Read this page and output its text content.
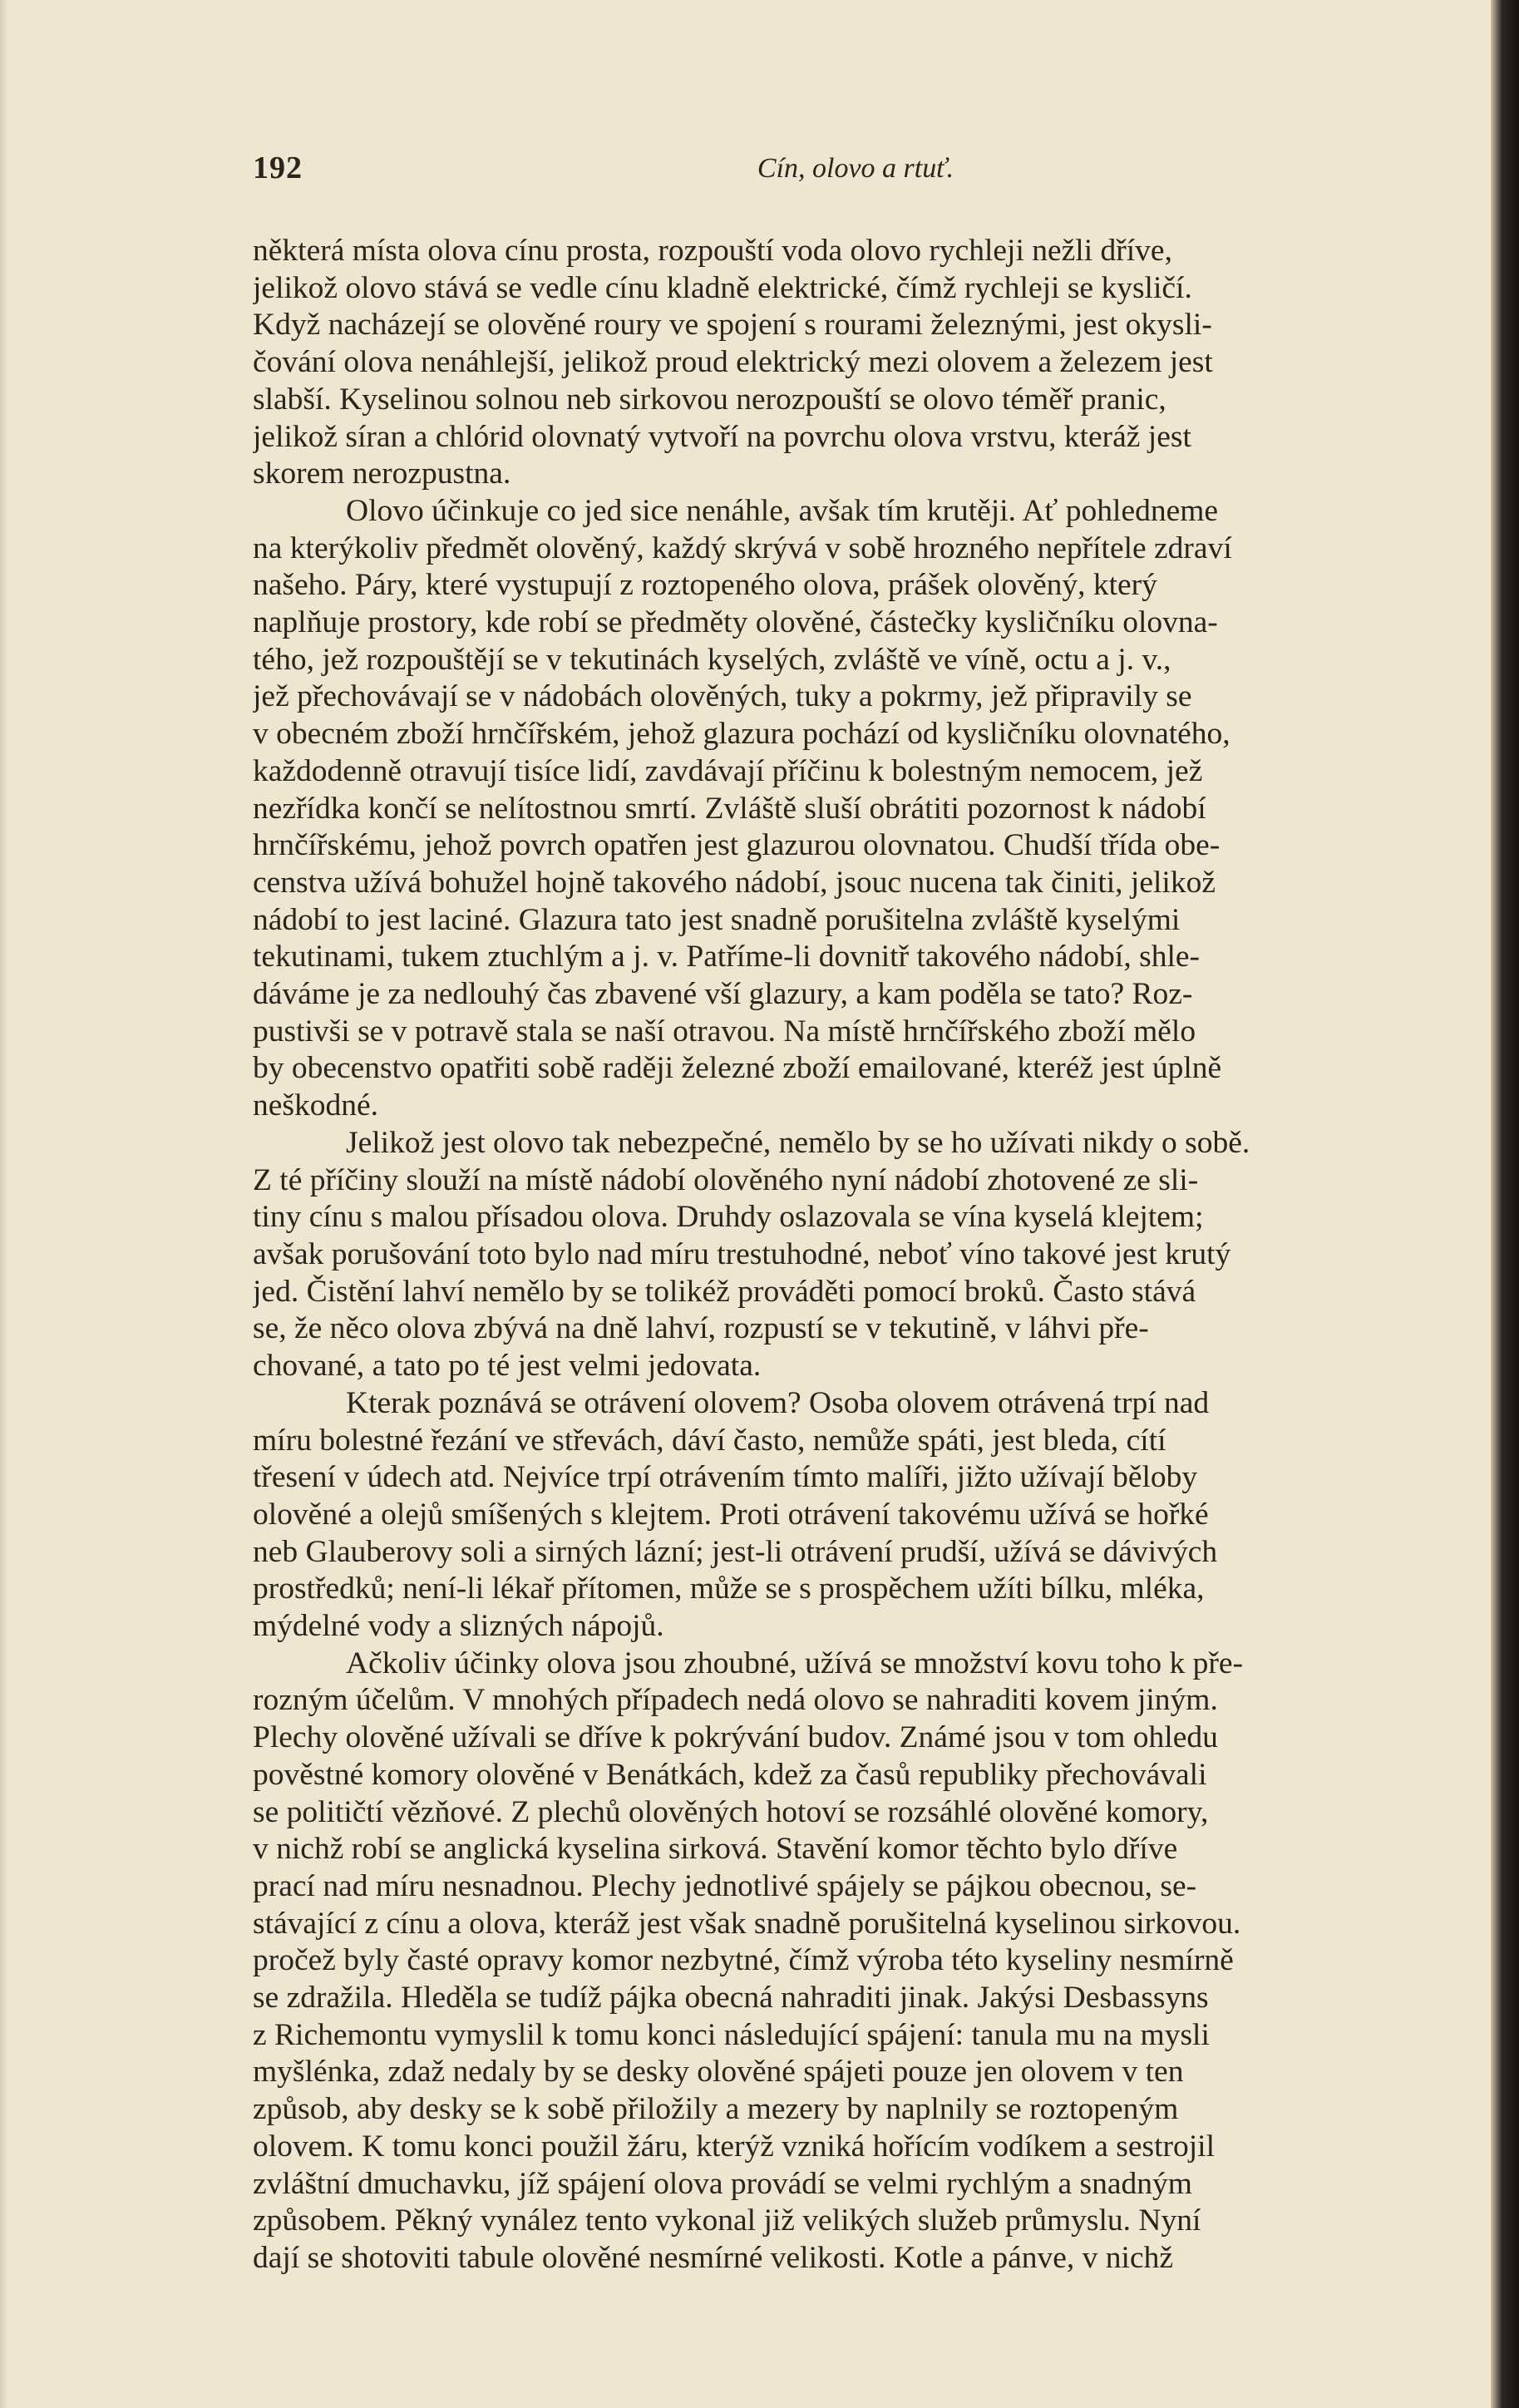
192	Cín, olovo a rtuť.
některá místa olova cínu prosta, rozpouští voda olovo rychleji nežli dříve,
jelikož olovo stává se vedle cínu kladně elektrické, čímž rychleji se kysličí.
Když nacházejí se olověné roury ve spojení s rourami železnými, jest okysli-
čování olova nenáhlejší, jelikož proud elektrický mezi olovem a železem jest
slabší. Kyselinou solnou neb sirkovou nerozpouští se olovo téměř pranic,
jelikož síran a chlórid olovnatý vytvoří na povrchu olova vrstvu, kteráž jest
skorem nerozpustna.
Olovo účinkuje co jed sice nenáhle, avšak tím krutěji. Ať pohledneme
na kterýkoliv předmět olověný, každý skrývá v sobě hrozného nepřítele zdraví
našeho. Páry, které vystupují z roztopeného olova, prášek olověný, který
naplňuje prostory, kde robí se předměty olověné, částečky kysličníku olovna-
tého, jež rozpouštějí se v tekutinách kyselých, zvláště ve víně, octu a j. v.,
jež přechovávají se v nádobách olověných, tuky a pokrmy, jež připravily se
v obecném zboží hrnčířském, jehož glazura pochází od kysličníku olovnatého,
každodenně otravují tisíce lidí, zavdávají příčinu k bolestným nemocem, jež
nezřídka končí se nelítostnou smrtí. Zvláště sluší obrátiti pozornost k nádobí
hrnčířskému, jehož povrch opatřen jest glazurou olovnatou. Chudší třída obe-
censtva užívá bohužel hojně takového nádobí, jsouc nucena tak činiti, jelikož
nádobí to jest laciné. Glazura tato jest snadně porušitelna zvláště kyselými
tekutinami, tukem ztuchlým a j. v. Patříme-li dovnitř takového nádobí, shle-
dáváme je za nedlouhý čas zbavené vší glazury, a kam poděla se tato? Roz-
pustivši se v potravě stala se naší otravou. Na místě hrnčířského zboží mělo
by obecenstvo opatřiti sobě raději železné zboží emailované, kteréž jest úplně
neškodné.
Jelikož jest olovo tak nebezpečné, nemělo by se ho užívati nikdy o sobě.
Z té příčiny slouží na místě nádobí olověného nyní nádobí zhotovené ze sli-
tiny cínu s malou přísadou olova. Druhdy oslazovala se vína kyselá klejtem;
avšak porušování toto bylo nad míru trestuhodné, neboť víno takové jest krutý
jed. Čistění lahví nemělo by se tolikéž prováděti pomocí broků. Často stává
se, že něco olova zbývá na dně lahví, rozpustí se v tekutině, v láhvi pře-
chované, a tato po té jest velmi jedovata.
Kterak poznává se otrávení olovem? Osoba olovem otrávená trpí nad
míru bolestné řezání ve střevách, dáví často, nemůže spáti, jest bleda, cítí
třesení v údech atd. Nejvíce trpí otrávením tímto malíři, jižto užívají běloby
olověné a olejů smíšených s klejtem. Proti otrávení takovému užívá se hořké
neb Glauberovy soli a sirných lázní; jest-li otrávení prudší, užívá se dávivých
prostředků; není-li lékař přítomen, může se s prospěchem užíti bílku, mléka,
mýdelné vody a slizných nápojů.
Ačkoliv účinky olova jsou zhoubné, užívá se množství kovu toho k pře-
rozným účelům. V mnohých případech nedá olovo se nahraditi kovem jiným.
Plechy olověné užívali se dříve k pokrývání budov. Známé jsou v tom ohledu
pověstné komory olověné v Benátkách, kdež za časů republiky přechovávali
se političtí vězňové. Z plechů olověných hotoví se rozsáhlé olověné komory,
v nichž robí se anglická kyselina sirková. Stavění komor těchto bylo dříve
prací nad míru nesnadnou. Plechy jednotlivé spájely se pájkou obecnou, se-
stávající z cínu a olova, kteráž jest však snadně porušitelná kyselinou sirkovou.
pročež byly časté opravy komor nezbytné, čímž výroba této kyseliny nesmírně
se zdražila. Hleděla se tudíž pájka obecná nahraditi jinak. Jakýsi Desbassyns
z Richemontu vymyslil k tomu konci následující spájení: tanula mu na mysli
myšlénka, zdaž nedaly by se desky olověné spájeti pouze jen olovem v ten
způsob, aby desky se k sobě přiložily a mezery by naplnily se roztopeným
olovem. K tomu konci použil žáru, kterýž vzniká hořícím vodíkem a sestrojil
zvláštní dmuchavku, jíž spájení olova provádí se velmi rychlým a snadným
způsobem. Pěkný vynález tento vykonal již velikých služeb průmyslu. Nyní
dají se shotoviti tabule olověné nesmírné velikosti. Kotle a pánve, v nichž
